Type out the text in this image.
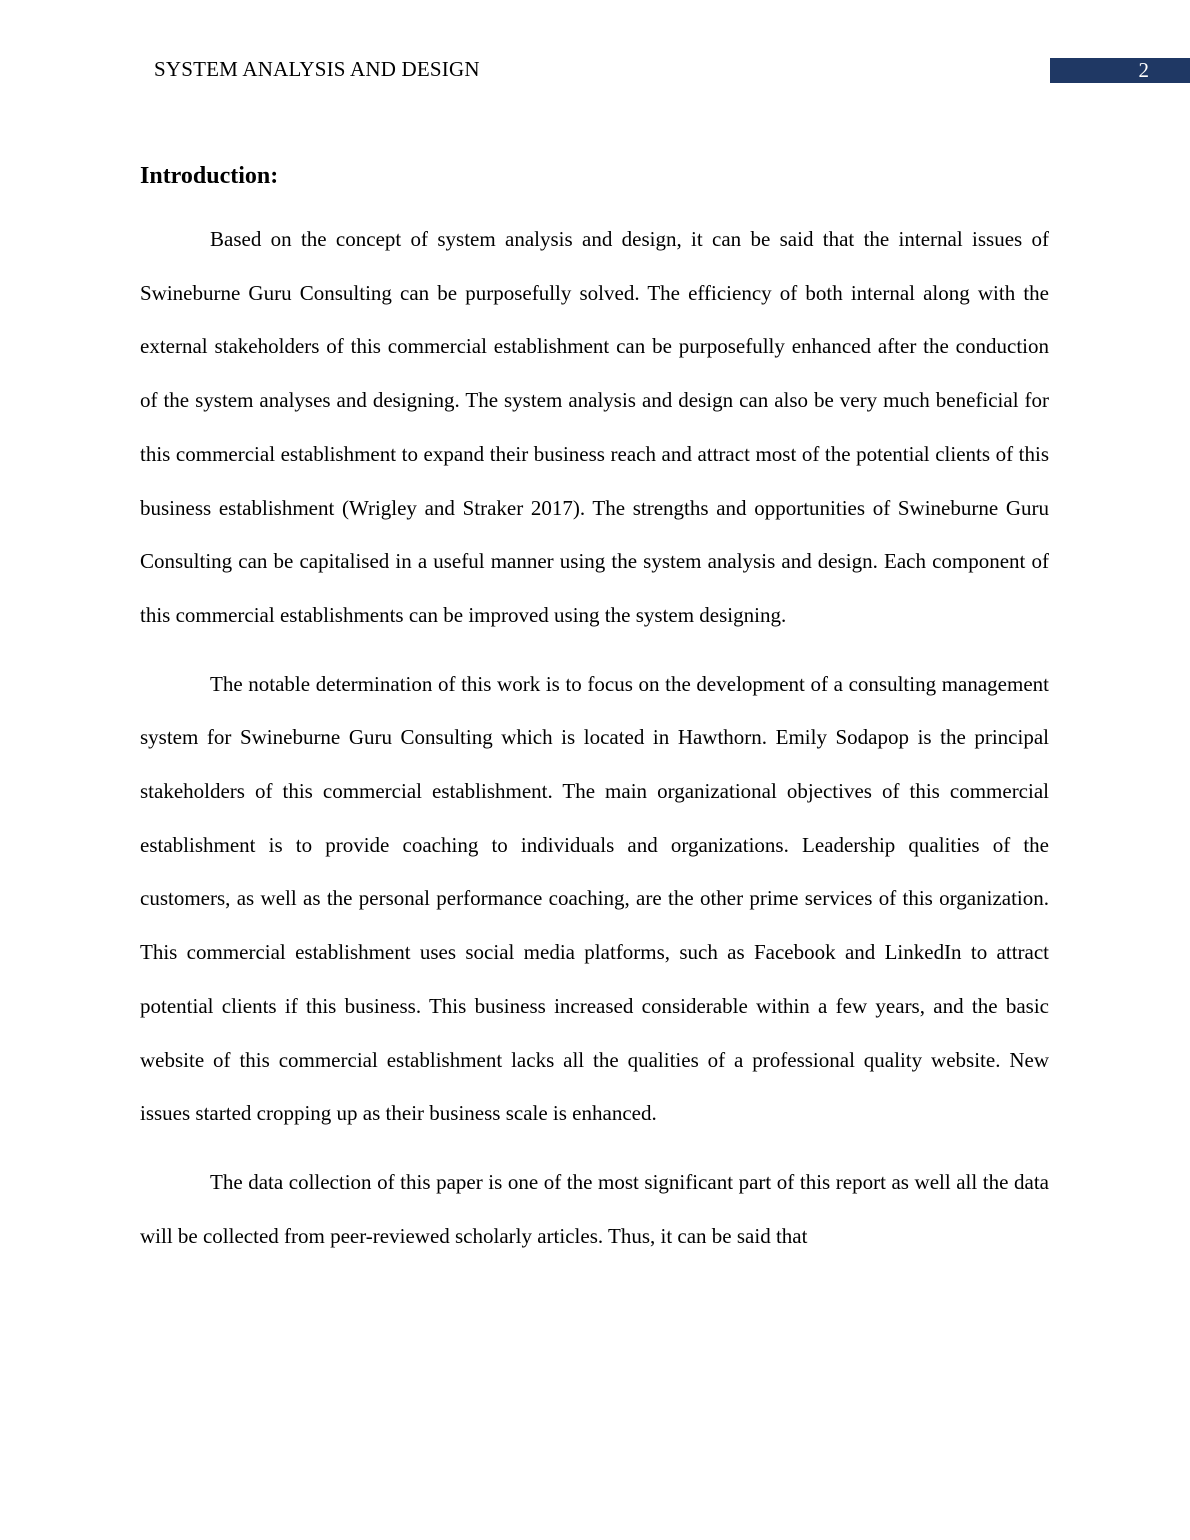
SYSTEM ANALYSIS AND DESIGN	2
Introduction:

Based on the concept of system analysis and design, it can be said that the internal issues of Swineburne Guru Consulting can be purposefully solved. The efficiency of both internal along with the external stakeholders of this commercial establishment can be purposefully enhanced after the conduction of the system analyses and designing. The system analysis and design can also be very much beneficial for this commercial establishment to expand their business reach and attract most of the potential clients of this business establishment (Wrigley and Straker 2017). The strengths and opportunities of Swineburne Guru Consulting can be capitalised in a useful manner using the system analysis and design. Each component of this commercial establishments can be improved using the system designing.

The notable determination of this work is to focus on the development of a consulting management system for Swineburne Guru Consulting which is located in Hawthorn. Emily Sodapop is the principal stakeholders of this commercial establishment. The main organizational objectives of this commercial establishment is to provide coaching to individuals and organizations. Leadership qualities of the customers, as well as the personal performance coaching, are the other prime services of this organization. This commercial establishment uses social media platforms, such as Facebook and LinkedIn to attract potential clients if this business. This business increased considerable within a few years, and the basic website of this commercial establishment lacks all the qualities of a professional quality website. New issues started cropping up as their business scale is enhanced.

The data collection of this paper is one of the most significant part of this report as well all the data will be collected from peer-reviewed scholarly articles. Thus, it can be said that
